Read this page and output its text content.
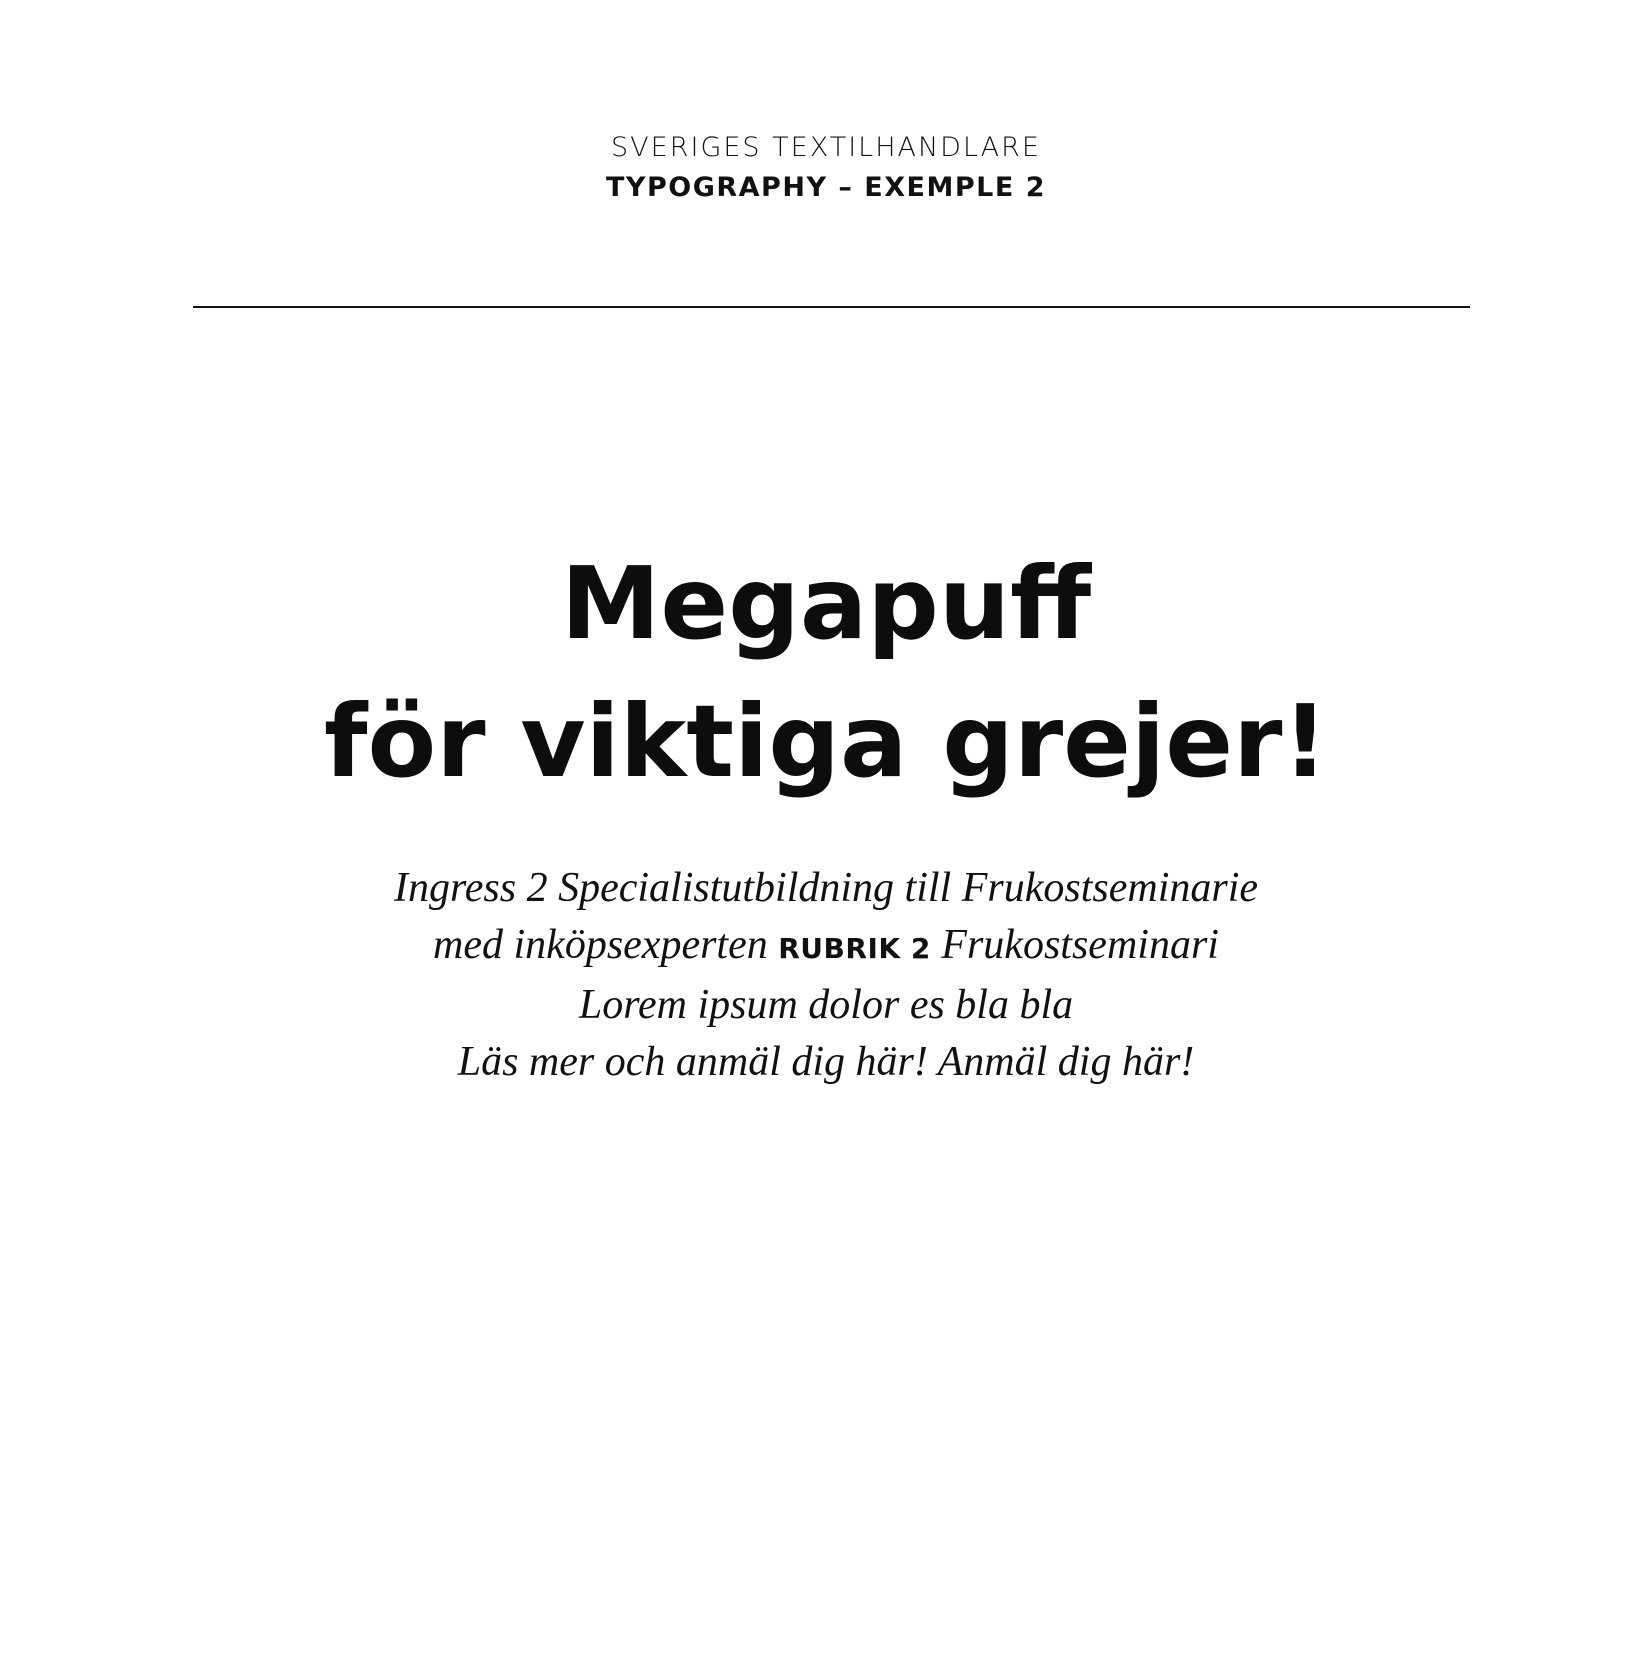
SVERIGES TEXTILHANDLARE
TYPOGRAPHY – EXEMPLE 2
Megapuff
för viktiga grejer!
Ingress 2 Specialistutbildning till Frukostseminarie
med inköpsexperten RUBRIK 2 Frukostseminari
Lorem ipsum dolor es bla bla
Läs mer och anmäl dig här! Anmäl dig här!
